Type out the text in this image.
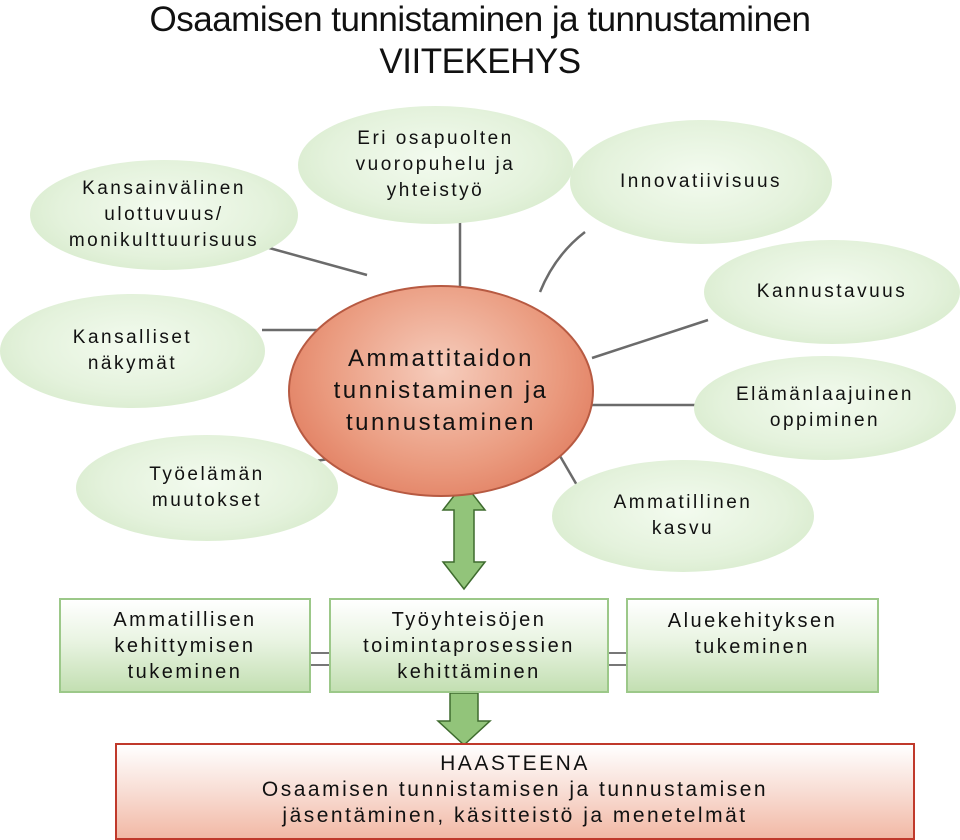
Osaamisen tunnistaminen ja tunnustaminen
VIITEKEHYS
Kansainvälinen
ulottuvuus/
monikulttuurisuus
Eri osapuolten
vuoropuhelu ja
yhteistyö	Innovatiivisuus
Kannustavuus
Kansalliset
näkymät
Elämänlaajuinen
oppiminen
Työelämän
muutokset	Ammatillinen
kasvu
Ammattitaidon
tunnistaminen ja
tunnustaminen
Ammatillisen
kehittymisen
tukeminen
Työyhteisöjen
toimintaprosessien
kehittäminen
Aluekehityksen
tukeminen
HAASTEENA
Osaamisen tunnistamisen ja tunnustamisen
jäsentäminen, käsitteistö ja menetelmät
